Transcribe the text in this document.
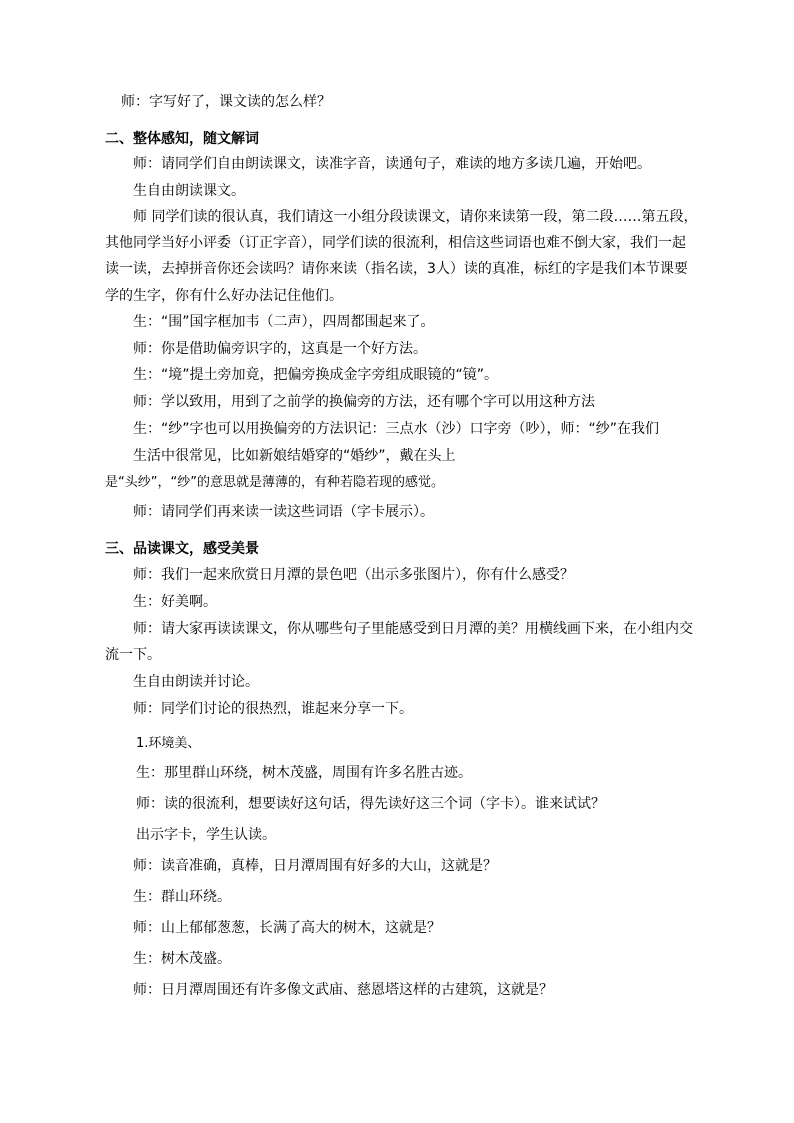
师：字写好了，课文读的怎么样？
二、整体感知，随文解词
师：请同学们自由朗读课文，读准字音，读通句子，难读的地方多读几遍，开始吧。
生自由朗读课文。
师 同学们读的很认真，我们请这一小组分段读课文，请你来读第一段，第二段……第五段，
其他同学当好小评委（订正字音），同学们读的很流利，相信这些词语也难不倒大家，我们一起
读一读，去掉拼音你还会读吗？请你来读（指名读，3人）读的真准，标红的字是我们本节课要
学的生字，你有什么好办法记住他们。
生：“围”国字框加韦（二声），四周都围起来了。
师：你是借助偏旁识字的，这真是一个好方法。
生：“境”提土旁加竟，把偏旁换成金字旁组成眼镜的“镜”。
师：学以致用，用到了之前学的换偏旁的方法，还有哪个字可以用这种方法
生：“纱”字也可以用换偏旁的方法识记：三点水（沙）口字旁（吵），师：“纱”在我们
生活中很常见，比如新娘结婚穿的“婚纱”，戴在头上
是“头纱”，“纱”的意思就是薄薄的，有种若隐若现的感觉。
师：请同学们再来读一读这些词语（字卡展示）。
三、品读课文，感受美景
师：我们一起来欣赏日月潭的景色吧（出示多张图片），你有什么感受？
生：好美啊。
师：请大家再读读课文，你从哪些句子里能感受到日月潭的美？用横线画下来，在小组内交
流一下。
生自由朗读并讨论。
师：同学们讨论的很热烈，谁起来分享一下。
1.环境美、
生：那里群山环绕，树木茂盛，周围有许多名胜古迹。
师：读的很流利，想要读好这句话，得先读好这三个词（字卡）。谁来试试？
出示字卡，学生认读。
师：读音准确，真棒，日月潭周围有好多的大山，这就是？
生：群山环绕。
师：山上郁郁葱葱，长满了高大的树木，这就是？
生：树木茂盛。
师：日月潭周围还有许多像文武庙、慈恩塔这样的古建筑，这就是？
